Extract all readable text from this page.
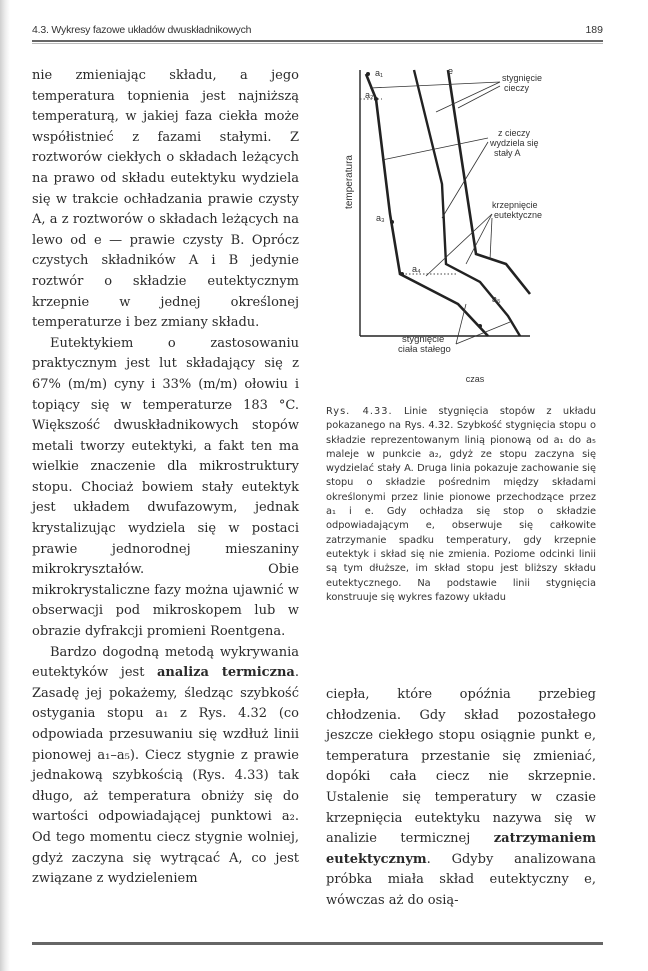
4.3. Wykresy fazowe układów dwuskładnikowych	189

nie zmieniając składu, a jego temperatura topnienia jest najniższą temperaturą, w jakiej faza ciekła może współistnieć z fazami stałymi. Z roztworów ciekłych o składach leżących na prawo od składu eutektyku wydziela się w trakcie ochładzania prawie czysty A, a z roztworów o składach leżących na lewo od e — prawie czysty B. Oprócz czystych składników A i B jedynie roztwór o składzie eutektycznym krzepnie w jednej określonej temperaturze i bez zmiany składu.

Eutektykiem o zastosowaniu praktycznym jest lut składający się z 67% (m/m) cyny i 33% (m/m) ołowiu i topiący się w temperaturze 183 °C. Większość dwuskładnikowych stopów metali tworzy eutektyki, a fakt ten ma wielkie znaczenie dla mikrostruktury stopu. Chociaż bowiem stały eutektyk jest układem dwufazowym, jednak krystalizując wydziela się w postaci prawie jednorodnej mieszaniny mikrokryształów. Obie mikrokrystaliczne fazy można ujawnić w obserwacji pod mikroskopem lub w obrazie dyfrakcji promieni Roentgena.

Bardzo dogodną metodą wykrywania eutektyków jest analiza termiczna. Zasadę jej pokażemy, śledząc szybkość ostygania stopu a₁ z Rys. 4.32 (co odpowiada przesuwaniu się wzdłuż linii pionowej a₁–a₅). Ciecz stygnie z prawie jednakową szybkością (Rys. 4.33) tak długo, aż temperatura obniży się do wartości odpowiadającej punktowi a₂. Od tego momentu ciecz stygnie wolniej, gdyż zaczyna się wytrącać A, co jest związane z wydzieleniem

temperatura
a₁
a₂
a₃
a₄
a₅
e
stygnięcie cieczy
z cieczy wydziela się stały A
krzepnięcie eutektyczne
stygnięcie ciała stałego
czas
Rys. 4.33. Linie stygnięcia stopów z układu pokazanego na Rys. 4.32. Szybkość stygnięcia stopu o składzie reprezentowanym linią pionową od a₁ do a₅ maleje w punkcie a₂, gdyż ze stopu zaczyna się wydzielać stały A. Druga linia pokazuje zachowanie się stopu o składzie pośrednim między składami określonymi przez linie pionowe przechodzące przez a₁ i e. Gdy ochładza się stop o składzie odpowiadającym e, obserwuje się całkowite zatrzymanie spadku temperatury, gdy krzepnie eutektyk i skład się nie zmienia. Poziome odcinki linii są tym dłuższe, im skład stopu jest bliższy składu eutektycznego. Na podstawie linii stygnięcia konstruuje się wykres fazowy układu

ciepła, które opóźnia przebieg chłodzenia. Gdy skład pozostałego jeszcze ciekłego stopu osiągnie punkt e, temperatura przestanie się zmieniać, dopóki cała ciecz nie skrzepnie. Ustalenie się temperatury w czasie krzepnięcia eutektyku nazywa się w analizie termicznej zatrzymaniem eutektycznym. Gdyby analizowana próbka miała skład eutektyczny e, wówczas aż do osią-
